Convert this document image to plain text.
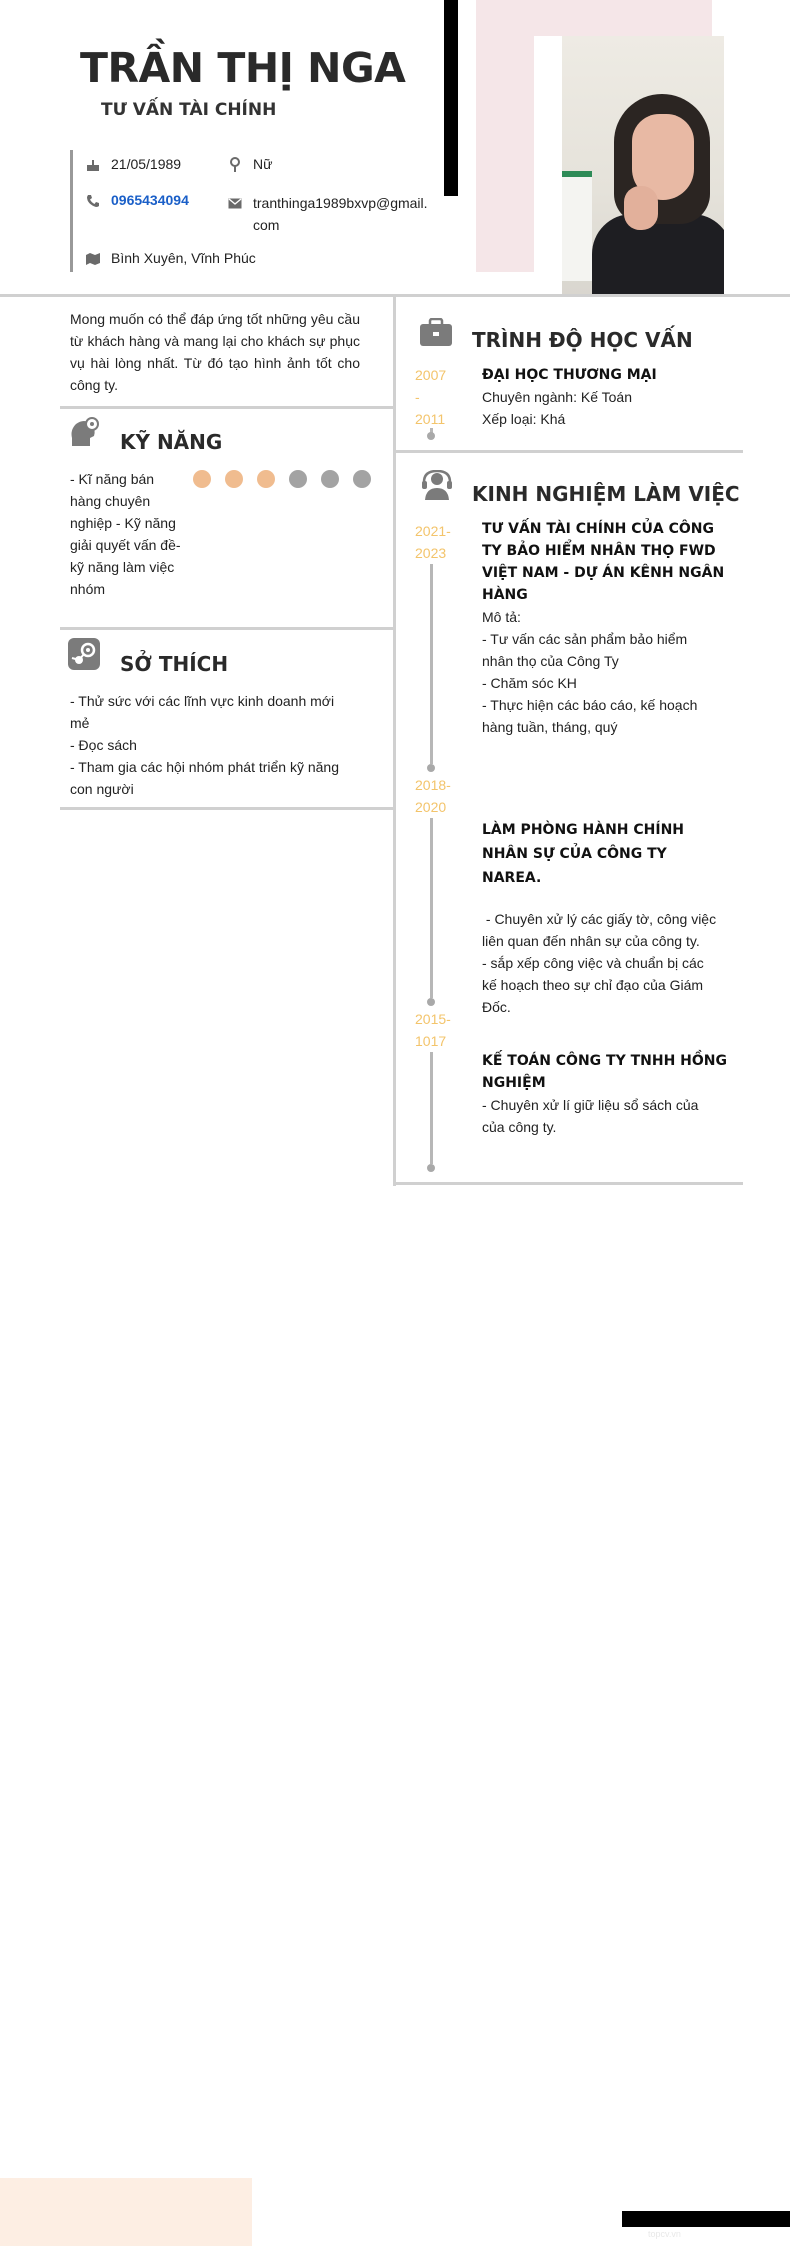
TRẦN THỊ NGA
TƯ VẤN TÀI CHÍNH
21/05/1989	Nữ
0965434094	tranthinga1989bxvp@gmail.
com
Bình Xuyên, Vĩnh Phúc
Mong muốn có thể đáp ứng tốt những yêu cầu từ khách hàng và mang lại cho khách sự phục vụ hài lòng nhất. Từ đó tạo hình ảnh tốt cho công ty.
KỸ NĂNG
- Kĩ năng bán
hàng chuyên
nghiệp - Kỹ năng
giải quyết vấn đề-
kỹ năng làm việc
nhóm
SỞ THÍCH
- Thử sức với các lĩnh vực kinh doanh mới
mẻ
- Đọc sách
- Tham gia các hội nhóm phát triển kỹ năng
con người
TRÌNH ĐỘ HỌC VẤN
2007
-
2011
ĐẠI HỌC THƯƠNG MẠI
Chuyên ngành: Kế Toán
Xếp loại: Khá
KINH NGHIỆM LÀM VIỆC
2021-
2023
TƯ VẤN TÀI CHÍNH CỦA CÔNG
TY BẢO HIỂM NHÂN THỌ FWD
VIỆT NAM - DỰ ÁN KÊNH NGÂN
HÀNG
Mô tả:
- Tư vấn các sản phẩm bảo hiểm
nhân thọ của Công Ty
- Chăm sóc KH
- Thực hiện các báo cáo, kế hoạch
hàng tuần, tháng, quý
2018-
2020
LÀM PHÒNG HÀNH CHÍNH
NHÂN SỰ CỦA CÔNG TY NAREA.
- Chuyên xử lý các giấy tờ, công việc
liên quan đến nhân sự của công ty.
- sắp xếp công việc và chuẩn bị các
kế hoạch theo sự chỉ đạo của Giám
Đốc.
2015-
1017
KẾ TOÁN CÔNG TY TNHH HỒNG
NGHIỆM
- Chuyên xử lí giữ liệu sổ sách của
của công ty.
topcv.vn
